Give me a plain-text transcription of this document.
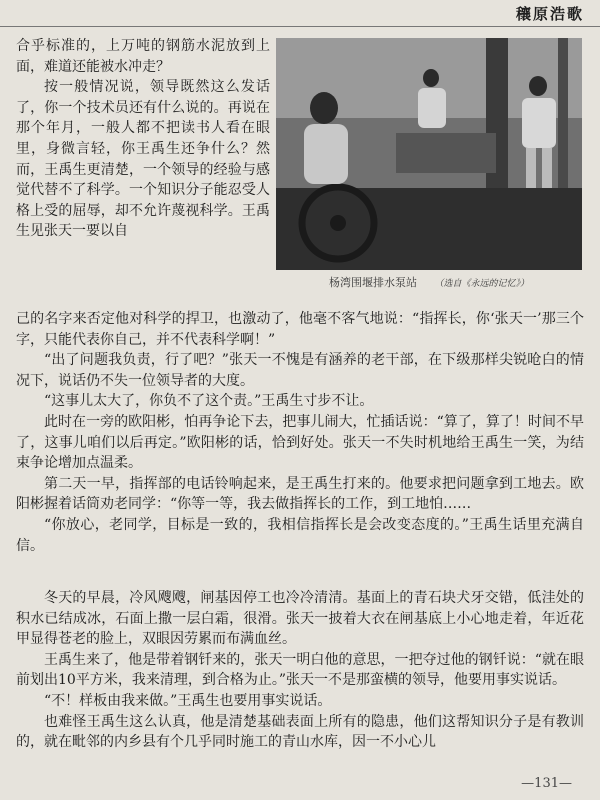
穰原浩歌
杨湾围堰排水泵站 （选自《永远的记忆》）

合乎标准的，上万吨的钢筋水泥放到上面，难道还能被水冲走？

按一般情况说，领导既然这么发话了，你一个技术员还有什么说的。再说在那个年月，一般人都不把读书人看在眼里，身微言轻，你王禹生还争什么？然而，王禹生更清楚，一个领导的经验与感觉代替不了科学。一个知识分子能忍受人格上受的屈辱，却不允许蔑视科学。王禹生见张天一要以自

己的名字来否定他对科学的捍卫，也激动了，他毫不客气地说：“指挥长，你‘张天一’那三个字，只能代表你自己，并不代表科学啊！”

“出了问题我负责，行了吧？”张天一不愧是有涵养的老干部，在下级那样尖锐呛白的情况下，说话仍不失一位领导者的大度。

“这事儿太大了，你负不了这个责。”王禹生寸步不让。

此时在一旁的欧阳彬，怕再争论下去，把事儿闹大，忙插话说：“算了，算了！时间不早了，这事儿咱们以后再定。”欧阳彬的话，恰到好处。张天一不失时机地给王禹生一笑，为结束争论增加点温柔。

第二天一早，指挥部的电话铃响起来，是王禹生打来的。他要求把问题拿到工地去。欧阳彬握着话筒劝老同学：“你等一等，我去做指挥长的工作，到工地怕……

“你放心，老同学，目标是一致的，我相信指挥长是会改变态度的。”王禹生话里充满自信。

冬天的早晨，冷风飕飕，闸基因停工也冷冷清清。基面上的青石块犬牙交错，低洼处的积水已结成冰，石面上撒一层白霜，很滑。张天一披着大衣在闸基底上小心地走着，年近花甲显得苍老的脸上，双眼因劳累而布满血丝。

王禹生来了，他是带着钢钎来的，张天一明白他的意思，一把夺过他的钢钎说：“就在眼前划出10平方米，我来清理，到合格为止。”张天一不是那蛮横的领导，他要用事实说话。

“不！样板由我来做。”王禹生也要用事实说话。

也难怪王禹生这么认真，他是清楚基础表面上所有的隐患，他们这帮知识分子是有教训的，就在毗邻的内乡县有个几乎同时施工的青山水库，因一不小心儿

—131—
